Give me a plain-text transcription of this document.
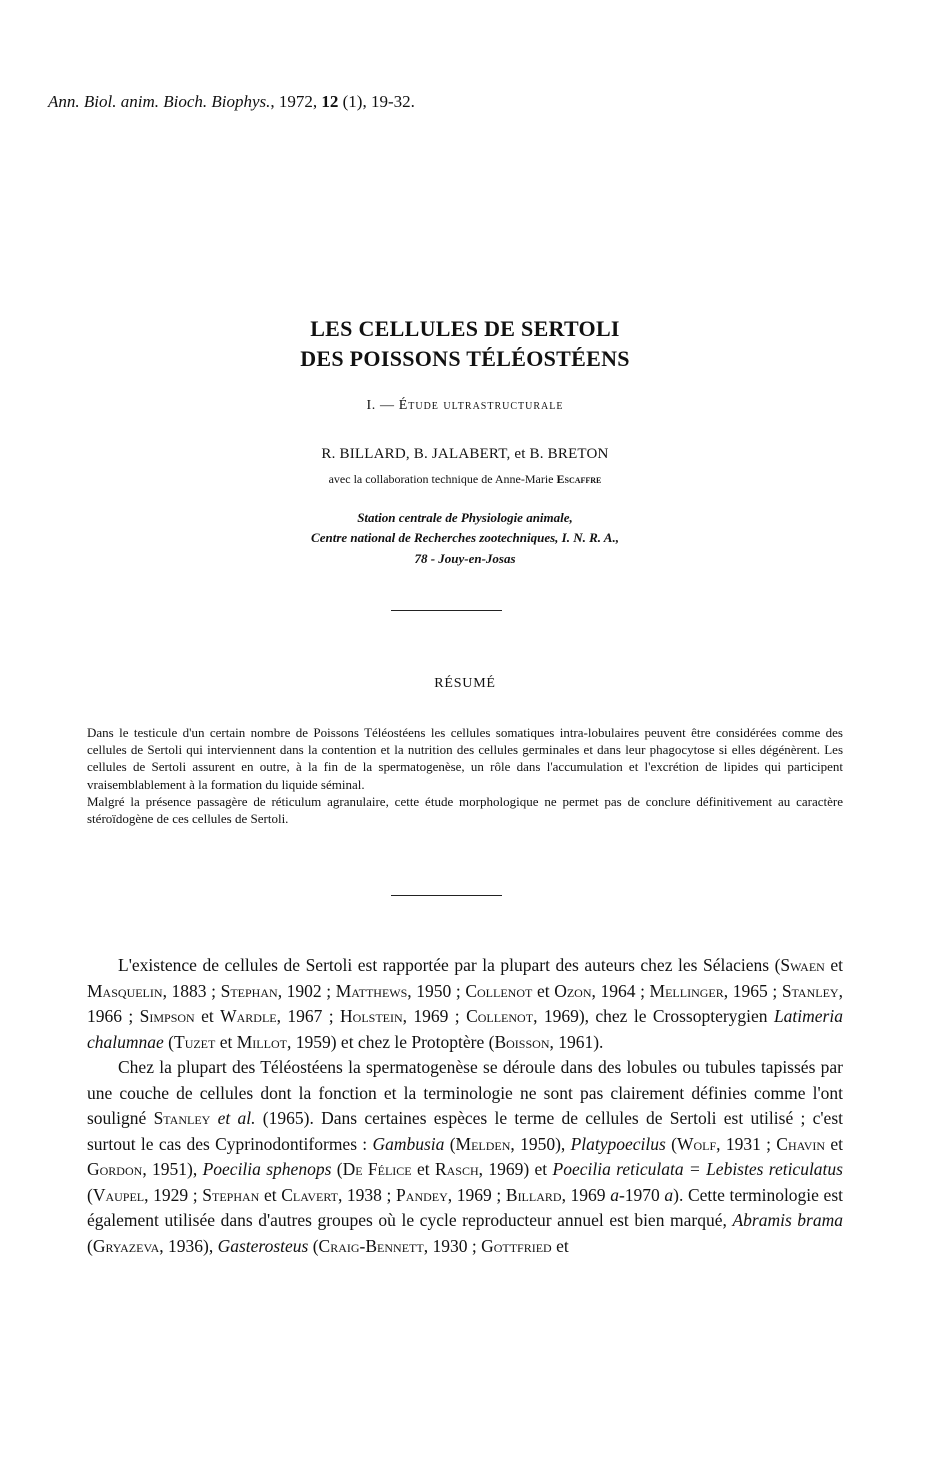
Ann. Biol. anim. Bioch. Biophys., 1972, 12 (1), 19-32.
LES CELLULES DE SERTOLI
DES POISSONS TÉLÉOSTÉENS
I. — Étude ultrastructurale
R. BILLARD, B. JALABERT, et B. BRETON
avec la collaboration technique de Anne-Marie Escaffre
Station centrale de Physiologie animale,
Centre national de Recherches zootechniques, I. N. R. A.,
78 - Jouy-en-Josas
RÉSUMÉ

Dans le testicule d'un certain nombre de Poissons Téléostéens les cellules somatiques intra-lobulaires peuvent être considérées comme des cellules de Sertoli qui interviennent dans la contention et la nutrition des cellules germinales et dans leur phagocytose si elles dégénèrent. Les cellules de Sertoli assurent en outre, à la fin de la spermatogenèse, un rôle dans l'accumulation et l'excrétion de lipides qui participent vraisemblablement à la formation du liquide séminal.

Malgré la présence passagère de réticulum agranulaire, cette étude morphologique ne permet pas de conclure définitivement au caractère stéroïdogène de ces cellules de Sertoli.

L'existence de cellules de Sertoli est rapportée par la plupart des auteurs chez les Sélaciens (Swaen et Masquelin, 1883 ; Stephan, 1902 ; Matthews, 1950 ; Collenot et Ozon, 1964 ; Mellinger, 1965 ; Stanley, 1966 ; Simpson et Wardle, 1967 ; Holstein, 1969 ; Collenot, 1969), chez le Crossopterygien Latimeria chalumnae (Tuzet et Millot, 1959) et chez le Protoptère (Boisson, 1961).

Chez la plupart des Téléostéens la spermatogenèse se déroule dans des lobules ou tubules tapissés par une couche de cellules dont la fonction et la terminologie ne sont pas clairement définies comme l'ont souligné Stanley et al. (1965). Dans certaines espèces le terme de cellules de Sertoli est utilisé ; c'est surtout le cas des Cyprinodontiformes : Gambusia (Melden, 1950), Platypoecilus (Wolf, 1931 ; Chavin et Gordon, 1951), Poecilia sphenops (De Félice et Rasch, 1969) et Poecilia reticulata = Lebistes reticulatus (Vaupel, 1929 ; Stephan et Clavert, 1938 ; Pandey, 1969 ; Billard, 1969 a-1970 a). Cette terminologie est également utilisée dans d'autres groupes où le cycle reproducteur annuel est bien marqué, Abramis brama (Gryazeva, 1936), Gasterosteus (Craig-Bennett, 1930 ; Gottfried et
